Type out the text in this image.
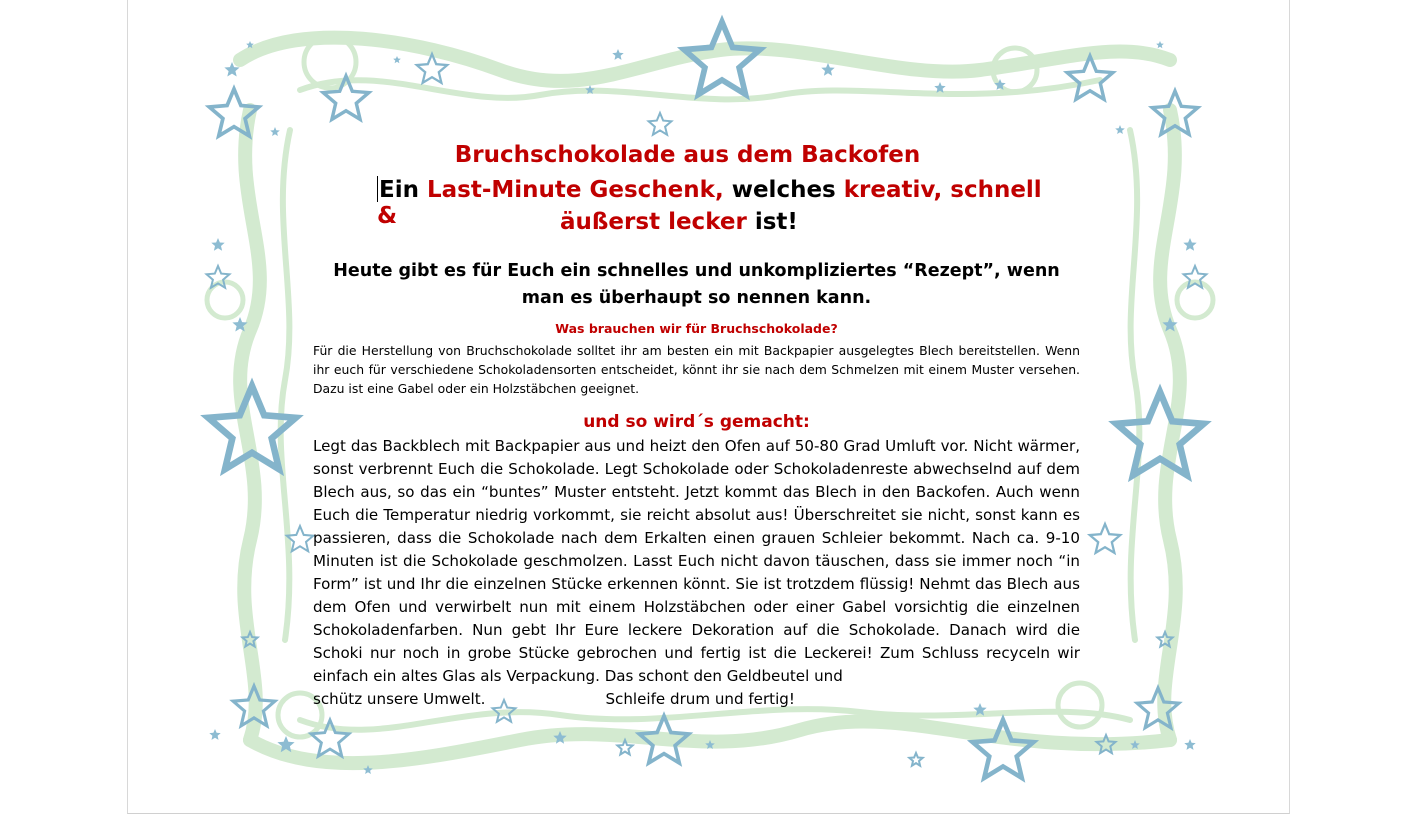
Bruchschokolade aus dem Backofen
Ein Last-Minute Geschenk, welches kreativ, schnell &	äußerst lecker ist!
Heute gibt es für Euch ein schnelles und unkompliziertes “Rezept”, wenn man es überhaupt so nennen kann.
Was brauchen wir für Bruchschokolade?
Für die Herstellung von Bruchschokolade solltet ihr am besten ein mit Backpapier ausgelegtes Blech bereitstellen. Wenn ihr euch für verschiedene Schokoladensorten entscheidet, könnt ihr sie nach dem Schmelzen mit einem Muster versehen. Dazu ist eine Gabel oder ein Holzstäbchen geeignet.
und so wird´s gemacht:
Legt das Backblech mit Backpapier aus und heizt den Ofen auf 50-80 Grad Umluft vor. Nicht wärmer, sonst verbrennt Euch die Schokolade. Legt Schokolade oder Schokoladenreste abwechselnd auf dem Blech aus, so das ein “buntes” Muster entsteht. Jetzt kommt das Blech in den Backofen. Auch wenn Euch die Temperatur niedrig vorkommt, sie reicht absolut aus! Überschreitet sie nicht, sonst kann es passieren, dass die Schokolade nach dem Erkalten einen grauen Schleier bekommt. Nach ca. 9-10 Minuten ist die Schokolade geschmolzen. Lasst Euch nicht davon täuschen, dass sie immer noch “in Form” ist und Ihr die einzelnen Stücke erkennen könnt. Sie ist trotzdem flüssig! Nehmt das Blech aus dem Ofen und verwirbelt nun mit einem Holzstäbchen oder einer Gabel vorsichtig die einzelnen Schokoladenfarben. Nun gebt Ihr Eure leckere Dekoration auf die Schokolade. Danach wird die Schoki nur noch in grobe Stücke gebrochen und fertig ist die Leckerei! Zum Schluss recyceln wir einfach ein altes Glas als Verpackung. Das schont den Geldbeutel und
schütz unsere Umwelt.	Schleife drum und fertig!
